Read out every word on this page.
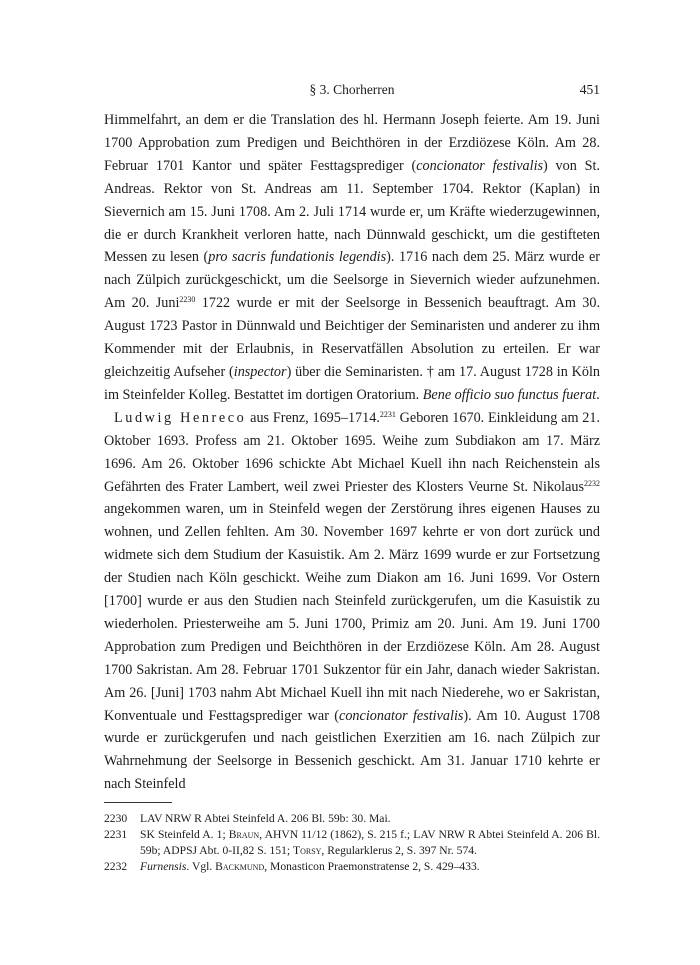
§ 3. Chorherren	451

Himmelfahrt, an dem er die Translation des hl. Hermann Joseph feierte. Am 19. Juni 1700 Approbation zum Predigen und Beichthören in der Erzdiözese Köln. Am 28. Februar 1701 Kantor und später Festtagsprediger (concionator festivalis) von St. Andreas. Rektor von St. Andreas am 11. September 1704. Rektor (Kaplan) in Sievernich am 15. Juni 1708. Am 2. Juli 1714 wurde er, um Kräfte wiederzugewinnen, die er durch Krankheit verloren hatte, nach Dünnwald geschickt, um die gestifteten Messen zu lesen (pro sacris fundationis legendis). 1716 nach dem 25. März wurde er nach Zülpich zurückgeschickt, um die Seelsorge in Sievernich wieder aufzunehmen. Am 20. Juni$^{2230}$ 1722 wurde er mit der Seelsorge in Bessenich beauftragt. Am 30. August 1723 Pastor in Dünnwald und Beichtiger der Seminaristen und anderer zu ihm Kommender mit der Erlaubnis, in Reservatfällen Absolution zu erteilen. Er war gleichzeitig Aufseher (inspector) über die Seminaristen. † am 17. August 1728 in Köln im Steinfelder Kolleg. Bestattet im dortigen Oratorium. Bene officio suo functus fuerat.

Ludwig Henreco aus Frenz, 1695–1714.$^{2231}$ Geboren 1670. Einkleidung am 21. Oktober 1693. Profess am 21. Oktober 1695. Weihe zum Subdiakon am 17. März 1696. Am 26. Oktober 1696 schickte Abt Michael Kuell ihn nach Reichenstein als Gefährten des Frater Lambert, weil zwei Priester des Klosters Veurne St. Nikolaus$^{2232}$ angekommen waren, um in Steinfeld wegen der Zerstörung ihres eigenen Hauses zu wohnen, und Zellen fehlten. Am 30. November 1697 kehrte er von dort zurück und widmete sich dem Studium der Kasuistik. Am 2. März 1699 wurde er zur Fortsetzung der Studien nach Köln geschickt. Weihe zum Diakon am 16. Juni 1699. Vor Ostern [1700] wurde er aus den Studien nach Steinfeld zurückgerufen, um die Kasuistik zu wiederholen. Priesterweihe am 5. Juni 1700, Primiz am 20. Juni. Am 19. Juni 1700 Approbation zum Predigen und Beichthören in der Erzdiözese Köln. Am 28. August 1700 Sakristan. Am 28. Februar 1701 Sukzentor für ein Jahr, danach wieder Sakristan. Am 26. [Juni] 1703 nahm Abt Michael Kuell ihn mit nach Niederehe, wo er Sakristan, Konventuale und Festtagsprediger war (concionator festivalis). Am 10. August 1708 wurde er zurückgerufen und nach geistlichen Exerzitien am 16. nach Zülpich zur Wahrnehmung der Seelsorge in Bessenich geschickt. Am 31. Januar 1710 kehrte er nach Steinfeld

2230	LAV NRW R Abtei Steinfeld A. 206 Bl. 59b: 30. Mai.
2231	SK Steinfeld A. 1; Braun, AHVN 11/12 (1862), S. 215 f.; LAV NRW R Abtei Steinfeld A. 206 Bl. 59b; ADPSJ Abt. 0-II,82 S. 151; Torsy, Regularklerus 2, S. 397 Nr. 574.
2232	Furnensis. Vgl. Backmund, Monasticon Praemonstratense 2, S. 429–433.
